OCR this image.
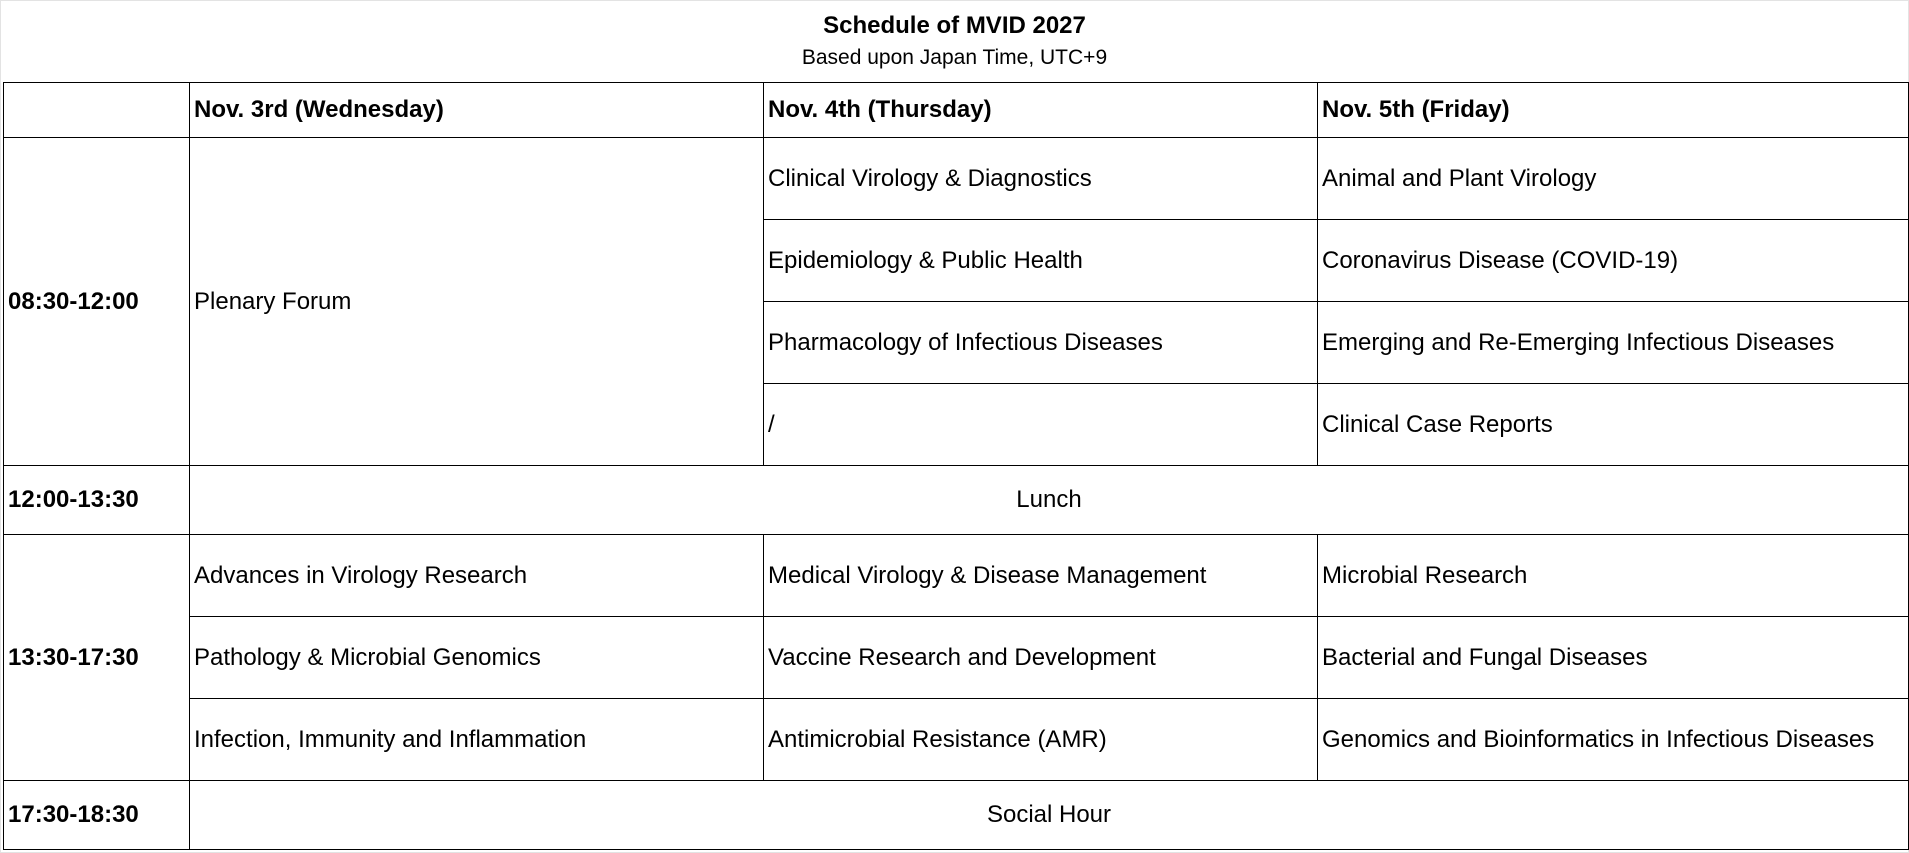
Schedule of MVID 2027
Based upon Japan Time, UTC+9
	Nov. 3rd (Wednesday)	Nov. 4th (Thursday)	Nov. 5th (Friday)
08:30-12:00	Plenary Forum	Clinical Virology & Diagnostics	Animal and Plant Virology
		Epidemiology & Public Health	Coronavirus Disease (COVID-19)
		Pharmacology of Infectious Diseases	Emerging and Re-Emerging Infectious Diseases
		/	Clinical Case Reports
12:00-13:30	Lunch		
13:30-17:30	Advances in Virology Research	Medical Virology & Disease Management	Microbial Research
	Pathology & Microbial Genomics	Vaccine Research and Development	Bacterial and Fungal Diseases
	Infection, Immunity and Inflammation	Antimicrobial Resistance (AMR)	Genomics and Bioinformatics in Infectious Diseases
17:30-18:30	Social Hour		
